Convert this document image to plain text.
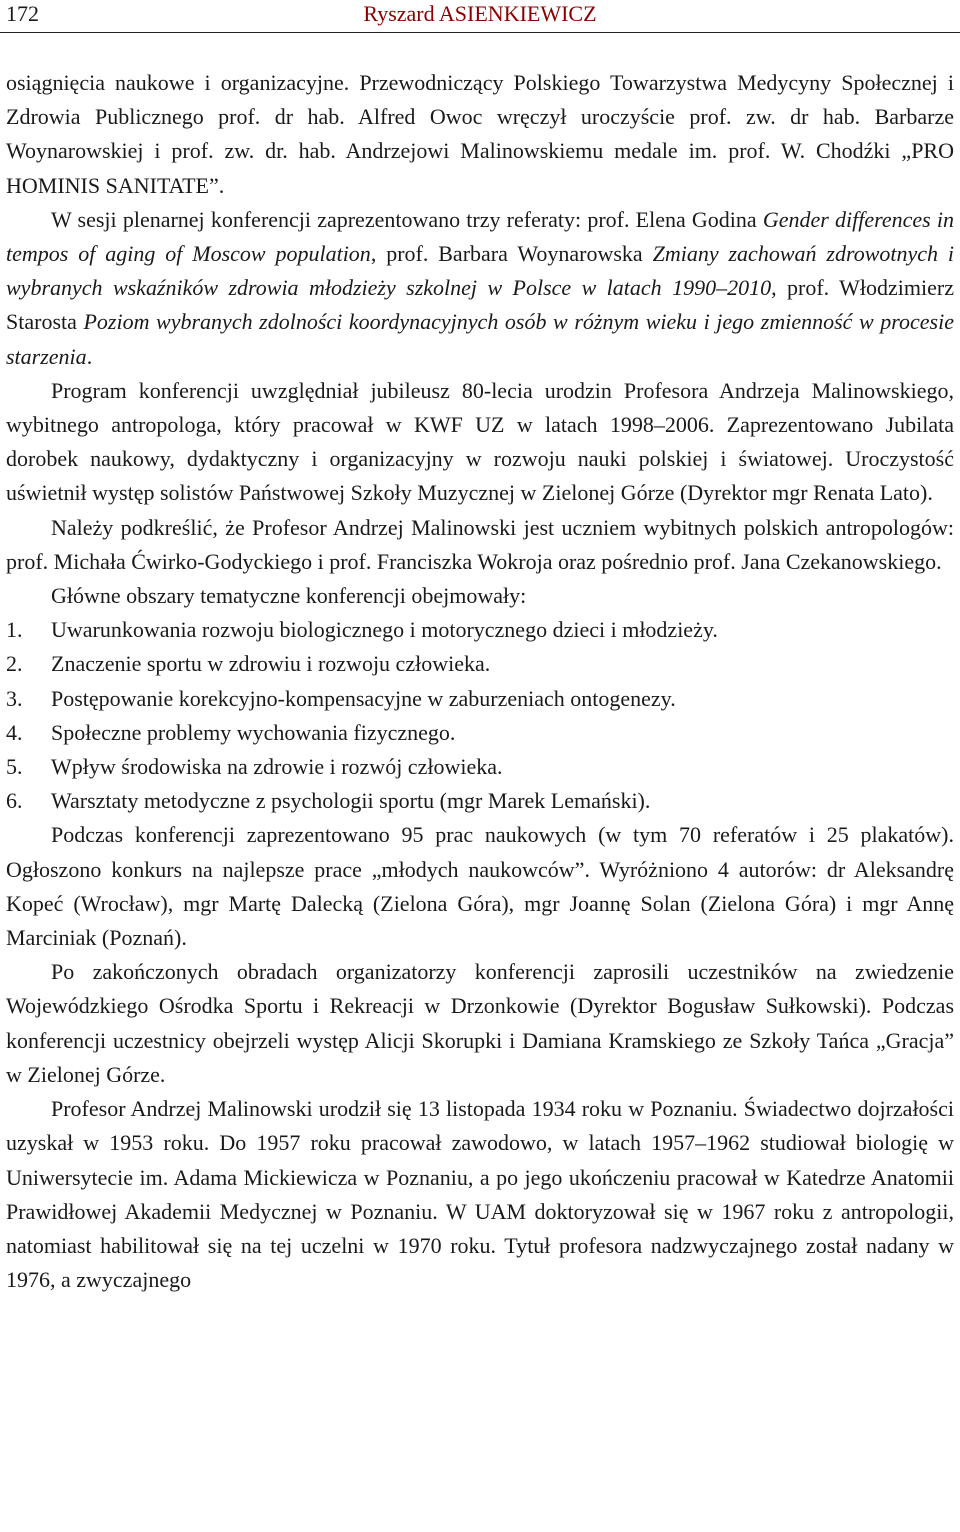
172	Ryszard ASIENKIEWICZ

osiągnięcia naukowe i organizacyjne. Przewodniczący Polskiego Towarzystwa Medycyny Społecznej i Zdrowia Publicznego prof. dr hab. Alfred Owoc wręczył uroczyście prof. zw. dr hab. Barbarze Woynarowskiej i prof. zw. dr. hab. Andrzejowi Malinowskiemu medale im. prof. W. Chodźki „PRO HOMINIS SANITATE”.

W sesji plenarnej konferencji zaprezentowano trzy referaty: prof. Elena Godina Gender differences in tempos of aging of Moscow population, prof. Barbara Woynarowska Zmiany zachowań zdrowotnych i wybranych wskaźników zdrowia młodzieży szkolnej w Polsce w latach 1990–2010, prof. Włodzimierz Starosta Poziom wybranych zdolności koordynacyjnych osób w różnym wieku i jego zmienność w procesie starzenia.

Program konferencji uwzględniał jubileusz 80-lecia urodzin Profesora Andrzeja Malinowskiego, wybitnego antropologa, który pracował w KWF UZ w latach 1998–2006. Zaprezentowano Jubilata dorobek naukowy, dydaktyczny i organizacyjny w rozwoju nauki polskiej i światowej. Uroczystość uświetnił występ solistów Państwowej Szkoły Muzycznej w Zielonej Górze (Dyrektor mgr Renata Lato).

Należy podkreślić, że Profesor Andrzej Malinowski jest uczniem wybitnych polskich antropologów: prof. Michała Ćwirko-Godyckiego i prof. Franciszka Wokroja oraz pośrednio prof. Jana Czekanowskiego.

Główne obszary tematyczne konferencji obejmowały:

1.	Uwarunkowania rozwoju biologicznego i motorycznego dzieci i młodzieży.
2.	Znaczenie sportu w zdrowiu i rozwoju człowieka.
3.	Postępowanie korekcyjno-kompensacyjne w zaburzeniach ontogenezy.
4.	Społeczne problemy wychowania fizycznego.
5.	Wpływ środowiska na zdrowie i rozwój człowieka.
6.	Warsztaty metodyczne z psychologii sportu (mgr Marek Lemański).

Podczas konferencji zaprezentowano 95 prac naukowych (w tym 70 referatów i 25 plakatów). Ogłoszono konkurs na najlepsze prace „młodych naukowców”. Wyróżniono 4 autorów: dr Aleksandrę Kopeć (Wrocław), mgr Martę Dalecką (Zielona Góra), mgr Joannę Solan (Zielona Góra) i mgr Annę Marciniak (Poznań).

Po zakończonych obradach organizatorzy konferencji zaprosili uczestników na zwiedzenie Wojewódzkiego Ośrodka Sportu i Rekreacji w Drzonkowie (Dyrektor Bogusław Sułkowski). Podczas konferencji uczestnicy obejrzeli występ Alicji Skorupki i Damiana Kramskiego ze Szkoły Tańca „Gracja” w Zielonej Górze.

Profesor Andrzej Malinowski urodził się 13 listopada 1934 roku w Poznaniu. Świadectwo dojrzałości uzyskał w 1953 roku. Do 1957 roku pracował zawodowo, w latach 1957–1962 studiował biologię w Uniwersytecie im. Adama Mickiewicza w Poznaniu, a po jego ukończeniu pracował w Katedrze Anatomii Prawidłowej Akademii Medycznej w Poznaniu. W UAM doktoryzował się w 1967 roku z antropologii, natomiast habilitował się na tej uczelni w 1970 roku. Tytuł profesora nadzwyczajnego został nadany w 1976, a zwyczajnego
